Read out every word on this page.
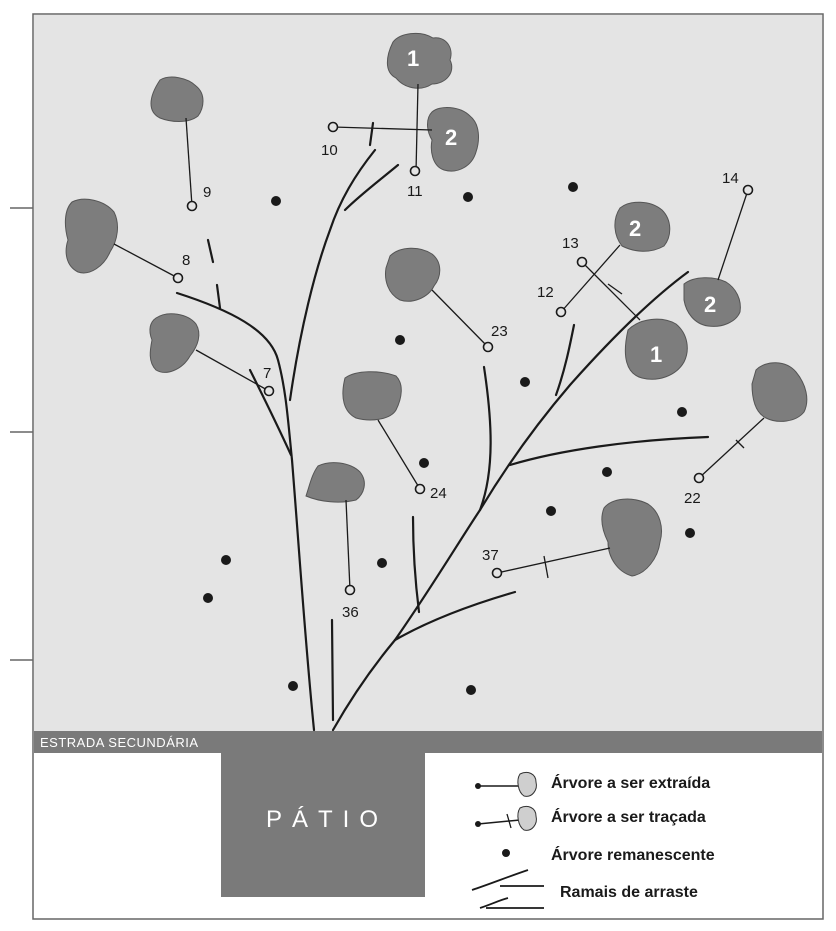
ESTRADA SECUNDÁRIA
PÁTIO
1
2
2
2
1
10
11
9
8
7
14
13
12
23
24	22
37
36
Árvore a ser extraída
Árvore a ser traçada
Árvore remanescente
Ramais de arraste
